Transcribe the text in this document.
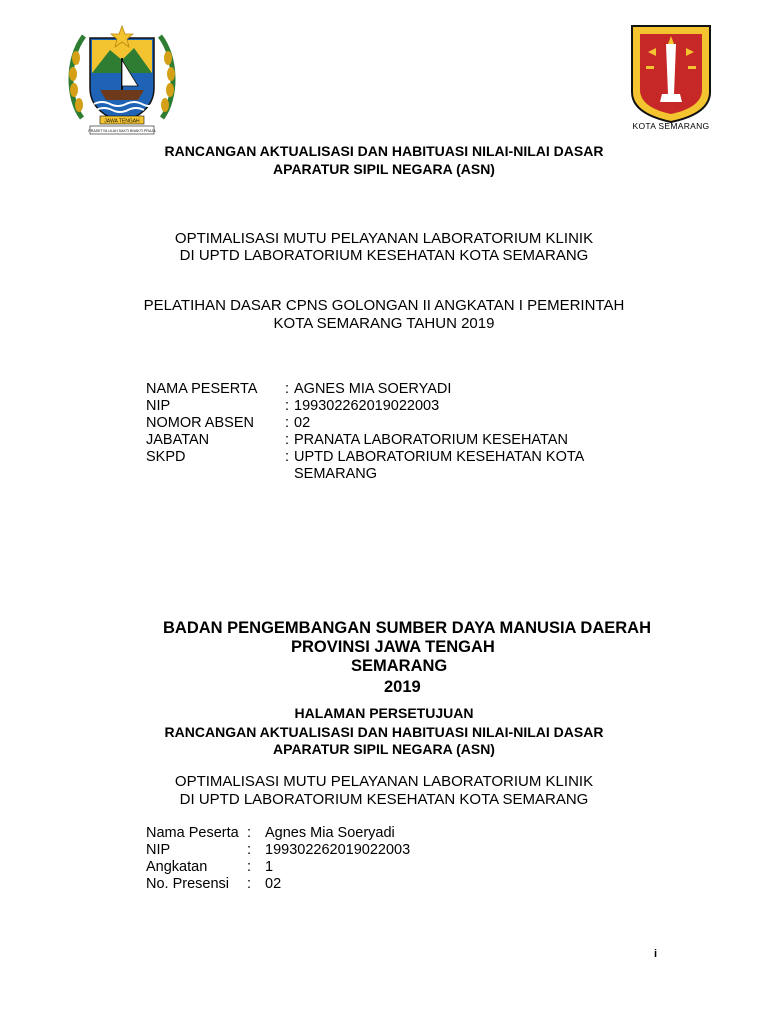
JAWA TENGAH
PRASETYA ULAH SAKTI BHAKTI PRAJA	KOTA SEMARANG
RANCANGAN AKTUALISASI DAN HABITUASI NILAI-NILAI DASAR
APARATUR SIPIL NEGARA (ASN)
OPTIMALISASI MUTU PELAYANAN LABORATORIUM KLINIK
DI UPTD LABORATORIUM KESEHATAN KOTA SEMARANG
PELATIHAN DASAR CPNS GOLONGAN II ANGKATAN I PEMERINTAH
KOTA SEMARANG TAHUN 2019
NAMA PESERTA : AGNES MIA SOERYADI
NIP	: 199302262019022003
NOMOR ABSEN : 02
JABATAN	: PRANATA LABORATORIUM KESEHATAN
SKPD	: UPTD LABORATORIUM KESEHATAN KOTA
SEMARANG
BADAN PENGEMBANGAN SUMBER DAYA MANUSIA DAERAH
PROVINSI JAWA TENGAH
SEMARANG
2019
HALAMAN PERSETUJUAN
RANCANGAN AKTUALISASI DAN HABITUASI NILAI-NILAI DASAR
APARATUR SIPIL NEGARA (ASN)
OPTIMALISASI MUTU PELAYANAN LABORATORIUM KLINIK
DI UPTD LABORATORIUM KESEHATAN KOTA SEMARANG
Nama Peserta : Agnes Mia Soeryadi
NIP	: 199302262019022003
Angkatan	: 1
No. Presensi : 02
i
